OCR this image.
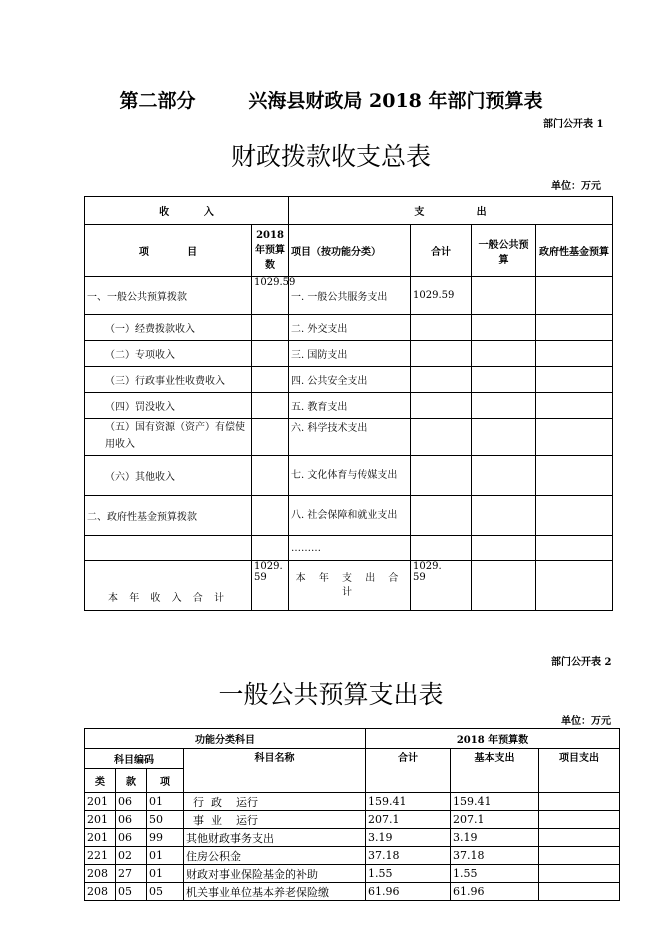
第二部分        兴海县财政局 2018 年部门预算表
部门公开表 1
财政拨款收支总表
单位：万元
收          入		支               出			
项           目	2018年预算数	项目（按功能分类）	合计	一般公共预算	政府性基金预算
一、一般公共预算拨款	1029.59	一. 一般公共服务支出	1029.59		
（一）经费拨款收入		二. 外交支出			
（二）专项收入		三. 国防支出			
（三）行政事业性收费收入		四. 公共安全支出			
（四）罚没收入		五. 教育支出			
（五）国有资源（资产）有偿使用收入		六. 科学技术支出			
（六）其他收入		七. 文化体育与传媒支出			
二、政府性基金预算拨款		八. 社会保障和就业支出			
		………			
本 年 收 入 合 计	1029.59	本 年 支 出 合 计	1029.59		

部门公开表 2
一般公共预算支出表
单位：万元
功能分类科目				2018 年预算数		
科目编码			科目名称	合计	基本支出	项目支出
类	款	项				
201	06	01	行  政    运行	159.41	159.41	
201	06	50	事  业    运行	207.1	207.1	
201	06	99	其他财政事务支出	3.19	3.19	
221	02	01	住房公积金	37.18	37.18	
208	27	01	财政对事业保险基金的补助	1.55	1.55	
208	05	05	机关事业单位基本养老保险缴	61.96	61.96	
